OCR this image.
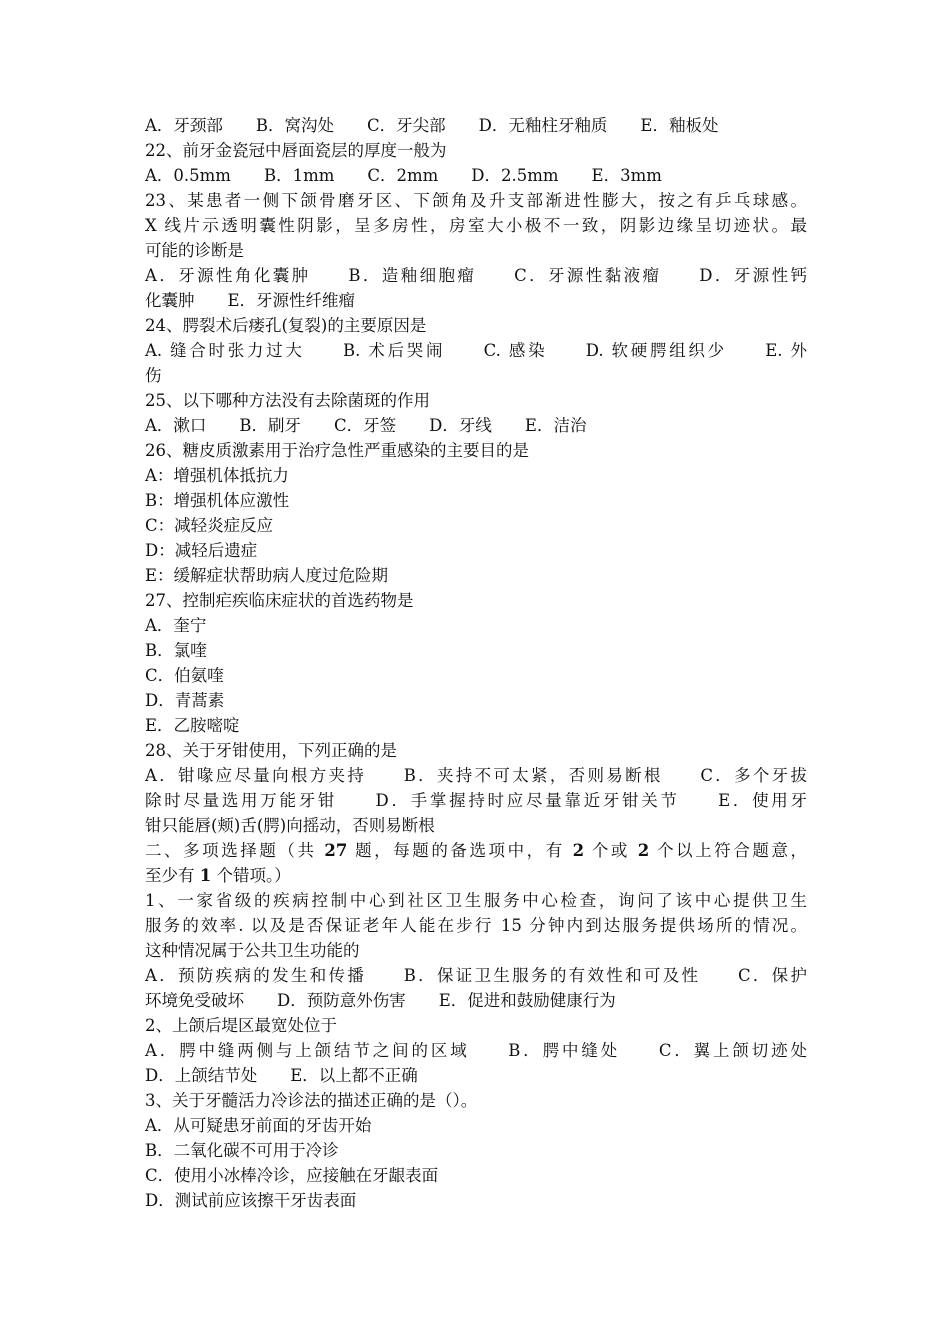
A．牙颈部　　B．窝沟处　　C．牙尖部　　D．无釉柱牙釉质　　E．釉板处
22、前牙金瓷冠中唇面瓷层的厚度一般为
A．0.5mm　　B．1mm　　C．2mm　　D．2.5mm　　E．3mm
23、某患者一侧下颌骨磨牙区、下颌角及升支部渐进性膨大，按之有乒乓球感。
X 线片示透明囊性阴影，呈多房性，房室大小极不一致，阴影边缘呈切迹状。最
可能的诊断是
A．牙源性角化囊肿　　B．造釉细胞瘤　　C．牙源性黏液瘤　　D．牙源性钙
化囊肿　　E．牙源性纤维瘤
24、腭裂术后瘘孔(复裂)的主要原因是
A. 缝合时张力过大　　B. 术后哭闹　　C. 感染　　D. 软硬腭组织少　　E. 外
伤
25、以下哪种方法没有去除菌斑的作用
A．漱口　　B．刷牙　　C．牙签　　D．牙线　　E．洁治
26、糖皮质激素用于治疗急性严重感染的主要目的是
A：增强机体抵抗力
B：增强机体应激性
C：减轻炎症反应
D：减轻后遗症
E：缓解症状帮助病人度过危险期
27、控制疟疾临床症状的首选药物是
A．奎宁
B．氯喹
C．伯氨喹
D．青蒿素
E．乙胺嘧啶
28、关于牙钳使用，下列正确的是
A．钳喙应尽量向根方夹持　　B．夹持不可太紧，否则易断根　　C．多个牙拔
除时尽量选用万能牙钳　　D．手掌握持时应尽量靠近牙钳关节　　E．使用牙
钳只能唇(颊)舌(腭)向摇动，否则易断根
二、多项选择题（共 27 题，每题的备选项中，有 2 个或 2 个以上符合题意，
至少有 1 个错项。）
1、一家省级的疾病控制中心到社区卫生服务中心检查，询问了该中心提供卫生
服务的效率. 以及是否保证老年人能在步行 15 分钟内到达服务提供场所的情况。
这种情况属于公共卫生功能的
A．预防疾病的发生和传播　　B．保证卫生服务的有效性和可及性　　C．保护
环境免受破坏　　D．预防意外伤害　　E．促进和鼓励健康行为
2、上颌后堤区最宽处位于
A．腭中缝两侧与上颌结节之间的区域　　B．腭中缝处　　C．翼上颌切迹处
D．上颌结节处　　E．以上都不正确
3、关于牙髓活力冷诊法的描述正确的是（）。
A．从可疑患牙前面的牙齿开始
B．二氧化碳不可用于冷诊
C．使用小冰棒冷诊，应接触在牙龈表面
D．测试前应该擦干牙齿表面
